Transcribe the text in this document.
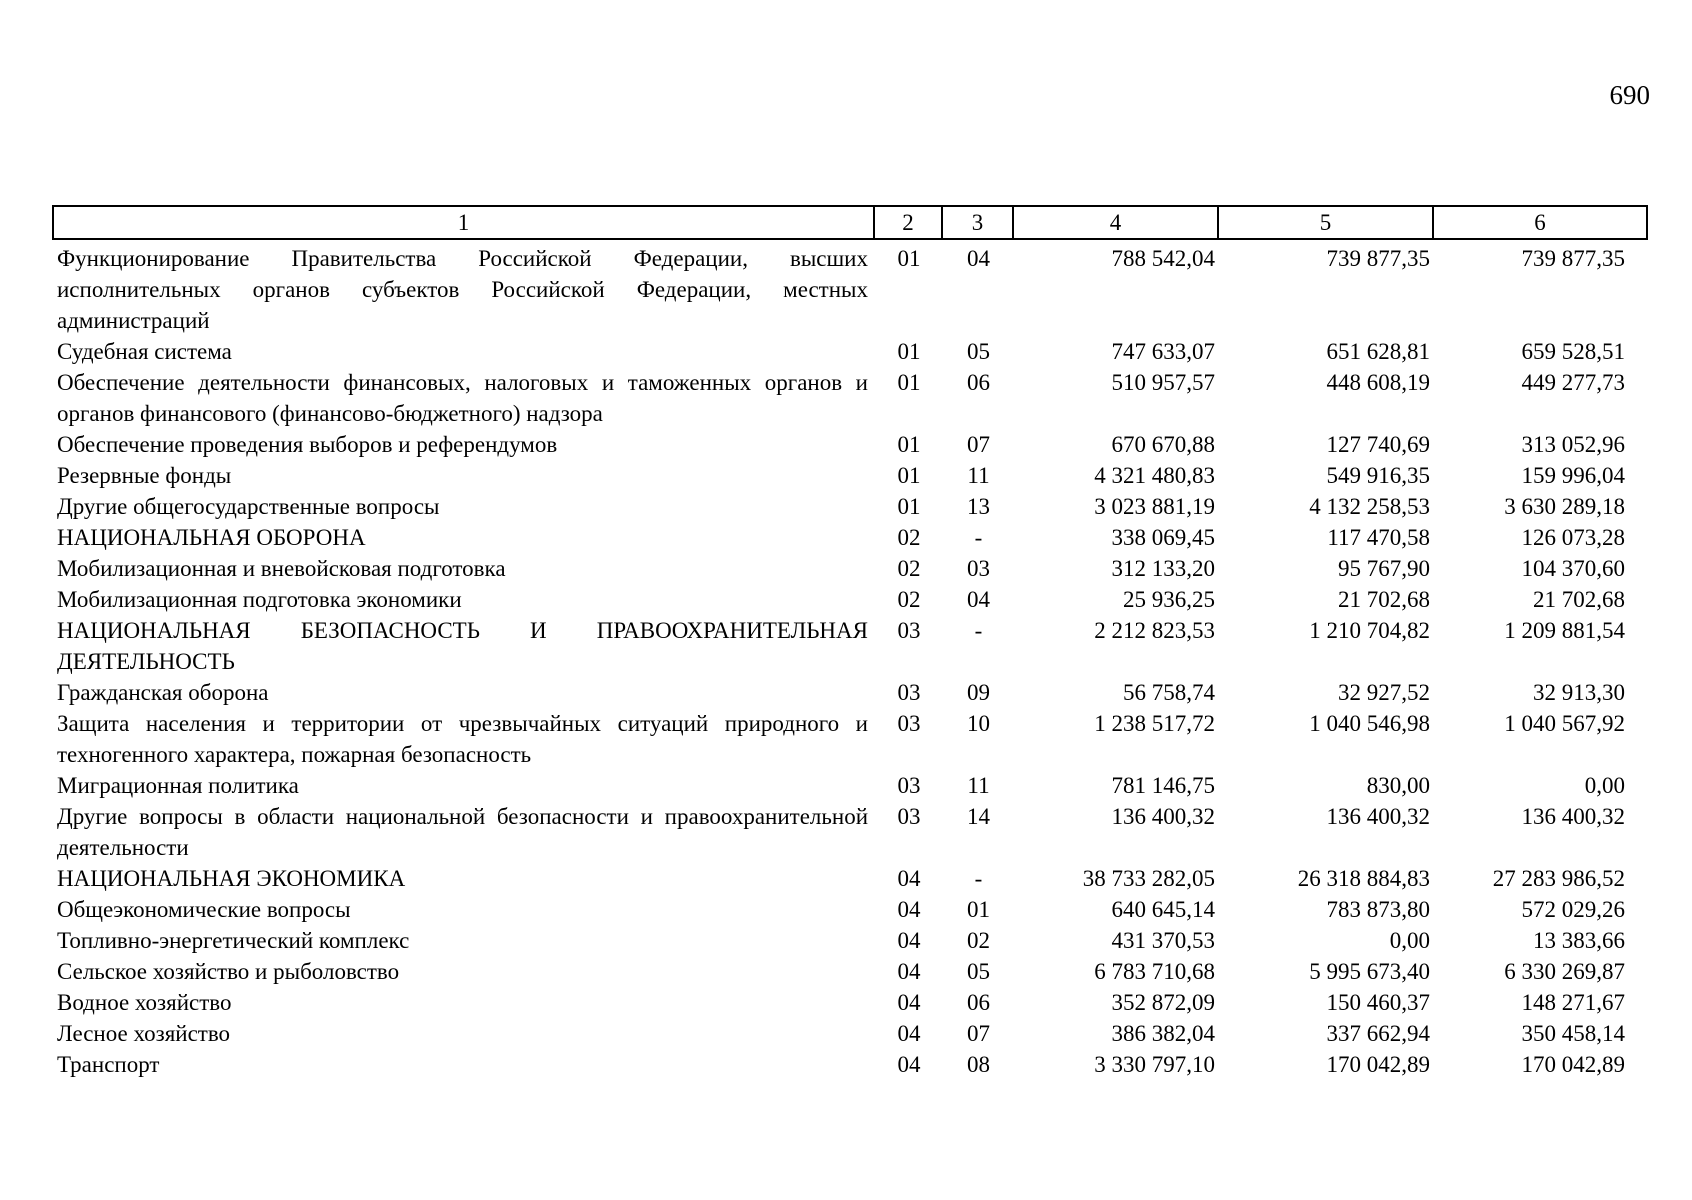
690
1	2	3	4	5	6
Функционирование Правительства Российской Федерации, высших исполнительных органов субъектов Российской Федерации, местных администраций	01	04	788 542,04	739 877,35	739 877,35
Судебная система	01	05	747 633,07	651 628,81	659 528,51
Обеспечение деятельности финансовых, налоговых и таможенных органов и органов финансового (финансово-бюджетного) надзора	01	06	510 957,57	448 608,19	449 277,73
Обеспечение проведения выборов и референдумов	01	07	670 670,88	127 740,69	313 052,96
Резервные фонды	01	11	4 321 480,83	549 916,35	159 996,04
Другие общегосударственные вопросы	01	13	3 023 881,19	4 132 258,53	3 630 289,18
НАЦИОНАЛЬНАЯ ОБОРОНА	02	-	338 069,45	117 470,58	126 073,28
Мобилизационная и вневойсковая подготовка	02	03	312 133,20	95 767,90	104 370,60
Мобилизационная подготовка экономики	02	04	25 936,25	21 702,68	21 702,68
НАЦИОНАЛЬНАЯ БЕЗОПАСНОСТЬ И ПРАВООХРАНИТЕЛЬНАЯ ДЕЯТЕЛЬНОСТЬ	03	-	2 212 823,53	1 210 704,82	1 209 881,54
Гражданская оборона	03	09	56 758,74	32 927,52	32 913,30
Защита населения и территории от чрезвычайных ситуаций природного и техногенного характера, пожарная безопасность	03	10	1 238 517,72	1 040 546,98	1 040 567,92
Миграционная политика	03	11	781 146,75	830,00	0,00
Другие вопросы в области национальной безопасности и правоохранительной деятельности	03	14	136 400,32	136 400,32	136 400,32
НАЦИОНАЛЬНАЯ ЭКОНОМИКА	04	-	38 733 282,05	26 318 884,83	27 283 986,52
Общеэкономические вопросы	04	01	640 645,14	783 873,80	572 029,26
Топливно-энергетический комплекс	04	02	431 370,53	0,00	13 383,66
Сельское хозяйство и рыболовство	04	05	6 783 710,68	5 995 673,40	6 330 269,87
Водное хозяйство	04	06	352 872,09	150 460,37	148 271,67
Лесное хозяйство	04	07	386 382,04	337 662,94	350 458,14
Транспорт	04	08	3 330 797,10	170 042,89	170 042,89
